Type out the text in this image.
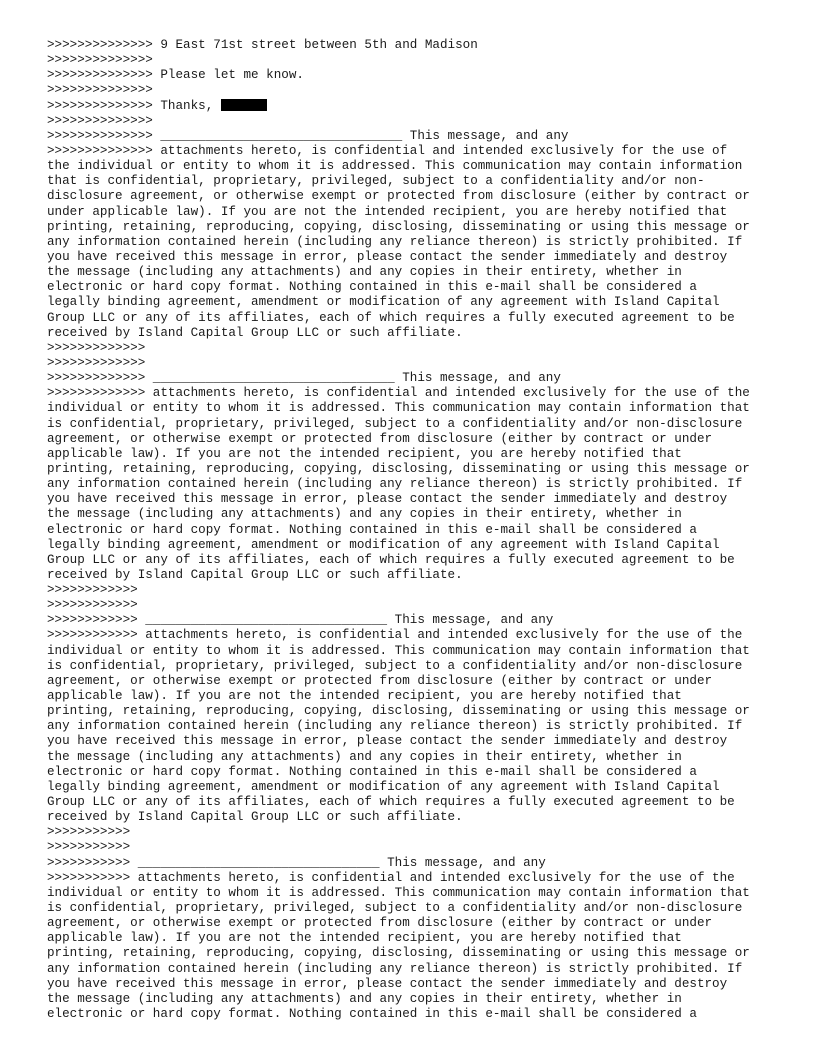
>>>>>>>>>>>>>> 9 East 71st street between 5th and Madison
>>>>>>>>>>>>>>
>>>>>>>>>>>>>> Please let me know.
>>>>>>>>>>>>>>
>>>>>>>>>>>>>> Thanks,
>>>>>>>>>>>>>>
>>>>>>>>>>>>>> ________________________________ This message, and any
>>>>>>>>>>>>>> attachments hereto, is confidential and intended exclusively for the use of
the individual or entity to whom it is addressed. This communication may contain information
that is confidential, proprietary, privileged, subject to a confidentiality and/or non-
disclosure agreement, or otherwise exempt or protected from disclosure (either by contract or
under applicable law). If you are not the intended recipient, you are hereby notified that
printing, retaining, reproducing, copying, disclosing, disseminating or using this message or
any information contained herein (including any reliance thereon) is strictly prohibited. If
you have received this message in error, please contact the sender immediately and destroy
the message (including any attachments) and any copies in their entirety, whether in
electronic or hard copy format. Nothing contained in this e-mail shall be considered a
legally binding agreement, amendment or modification of any agreement with Island Capital
Group LLC or any of its affiliates, each of which requires a fully executed agreement to be
received by Island Capital Group LLC or such affiliate.
>>>>>>>>>>>>>
>>>>>>>>>>>>>
>>>>>>>>>>>>> ________________________________ This message, and any
>>>>>>>>>>>>> attachments hereto, is confidential and intended exclusively for the use of the
individual or entity to whom it is addressed. This communication may contain information that
is confidential, proprietary, privileged, subject to a confidentiality and/or non-disclosure
agreement, or otherwise exempt or protected from disclosure (either by contract or under
applicable law). If you are not the intended recipient, you are hereby notified that
printing, retaining, reproducing, copying, disclosing, disseminating or using this message or
any information contained herein (including any reliance thereon) is strictly prohibited. If
you have received this message in error, please contact the sender immediately and destroy
the message (including any attachments) and any copies in their entirety, whether in
electronic or hard copy format. Nothing contained in this e-mail shall be considered a
legally binding agreement, amendment or modification of any agreement with Island Capital
Group LLC or any of its affiliates, each of which requires a fully executed agreement to be
received by Island Capital Group LLC or such affiliate.
>>>>>>>>>>>>
>>>>>>>>>>>>
>>>>>>>>>>>> ________________________________ This message, and any
>>>>>>>>>>>> attachments hereto, is confidential and intended exclusively for the use of the
individual or entity to whom it is addressed. This communication may contain information that
is confidential, proprietary, privileged, subject to a confidentiality and/or non-disclosure
agreement, or otherwise exempt or protected from disclosure (either by contract or under
applicable law). If you are not the intended recipient, you are hereby notified that
printing, retaining, reproducing, copying, disclosing, disseminating or using this message or
any information contained herein (including any reliance thereon) is strictly prohibited. If
you have received this message in error, please contact the sender immediately and destroy
the message (including any attachments) and any copies in their entirety, whether in
electronic or hard copy format. Nothing contained in this e-mail shall be considered a
legally binding agreement, amendment or modification of any agreement with Island Capital
Group LLC or any of its affiliates, each of which requires a fully executed agreement to be
received by Island Capital Group LLC or such affiliate.
>>>>>>>>>>>
>>>>>>>>>>>
>>>>>>>>>>> ________________________________ This message, and any
>>>>>>>>>>> attachments hereto, is confidential and intended exclusively for the use of the
individual or entity to whom it is addressed. This communication may contain information that
is confidential, proprietary, privileged, subject to a confidentiality and/or non-disclosure
agreement, or otherwise exempt or protected from disclosure (either by contract or under
applicable law). If you are not the intended recipient, you are hereby notified that
printing, retaining, reproducing, copying, disclosing, disseminating or using this message or
any information contained herein (including any reliance thereon) is strictly prohibited. If
you have received this message in error, please contact the sender immediately and destroy
the message (including any attachments) and any copies in their entirety, whether in
electronic or hard copy format. Nothing contained in this e-mail shall be considered a
